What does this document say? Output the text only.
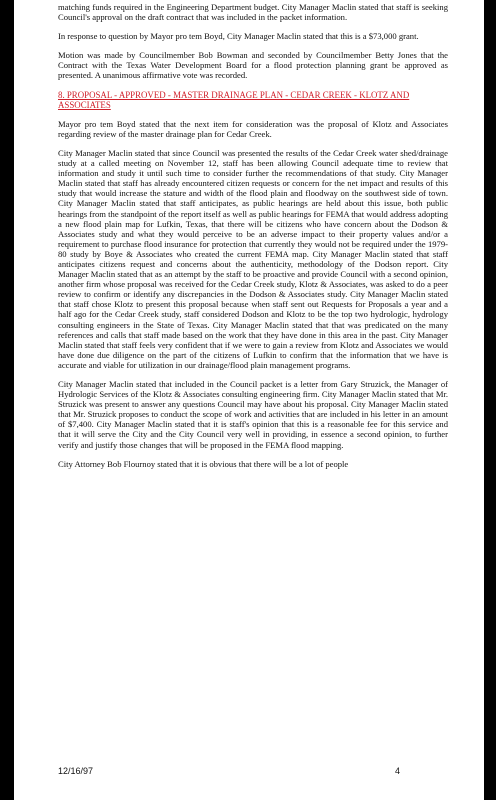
matching funds required in the Engineering Department budget. City Manager Maclin stated that staff is seeking Council's approval on the draft contract that was included in the packet information.

In response to question by Mayor pro tem Boyd, City Manager Maclin stated that this is a $73,000 grant.

Motion was made by Councilmember Bob Bowman and seconded by Councilmember Betty Jones that the Contract with the Texas Water Development Board for a flood protection planning grant be approved as presented. A unanimous affirmative vote was recorded.

8. PROPOSAL - APPROVED - MASTER DRAINAGE PLAN - CEDAR CREEK - KLOTZ AND ASSOCIATES

Mayor pro tem Boyd stated that the next item for consideration was the proposal of Klotz and Associates regarding review of the master drainage plan for Cedar Creek.

City Manager Maclin stated that since Council was presented the results of the Cedar Creek water shed/drainage study at a called meeting on November 12, staff has been allowing Council adequate time to review that information and study it until such time to consider further the recommendations of that study. City Manager Maclin stated that staff has already encountered citizen requests or concern for the net impact and results of this study that would increase the stature and width of the flood plain and floodway on the southwest side of town. City Manager Maclin stated that staff anticipates, as public hearings are held about this issue, both public hearings from the standpoint of the report itself as well as public hearings for FEMA that would address adopting a new flood plain map for Lufkin, Texas, that there will be citizens who have concern about the Dodson & Associates study and what they would perceive to be an adverse impact to their property values and/or a requirement to purchase flood insurance for protection that currently they would not be required under the 1979-80 study by Boye & Associates who created the current FEMA map. City Manager Maclin stated that staff anticipates citizens request and concerns about the authenticity, methodology of the Dodson report. City Manager Maclin stated that as an attempt by the staff to be proactive and provide Council with a second opinion, another firm whose proposal was received for the Cedar Creek study, Klotz & Associates, was asked to do a peer review to confirm or identify any discrepancies in the Dodson & Associates study. City Manager Maclin stated that staff chose Klotz to present this proposal because when staff sent out Requests for Proposals a year and a half ago for the Cedar Creek study, staff considered Dodson and Klotz to be the top two hydrologic, hydrology consulting engineers in the State of Texas. City Manager Maclin stated that that was predicated on the many references and calls that staff made based on the work that they have done in this area in the past. City Manager Maclin stated that staff feels very confident that if we were to gain a review from Klotz and Associates we would have done due diligence on the part of the citizens of Lufkin to confirm that the information that we have is accurate and viable for utilization in our drainage/flood plain management programs.

City Manager Maclin stated that included in the Council packet is a letter from Gary Struzick, the Manager of Hydrologic Services of the Klotz & Associates consulting engineering firm. City Manager Maclin stated that Mr. Struzick was present to answer any questions Council may have about his proposal. City Manager Maclin stated that Mr. Struzick proposes to conduct the scope of work and activities that are included in his letter in an amount of $7,400. City Manager Maclin stated that it is staff's opinion that this is a reasonable fee for this service and that it will serve the City and the City Council very well in providing, in essence a second opinion, to further verify and justify those changes that will be proposed in the FEMA flood mapping.

City Attorney Bob Flournoy stated that it is obvious that there will be a lot of people

12/16/97	4
